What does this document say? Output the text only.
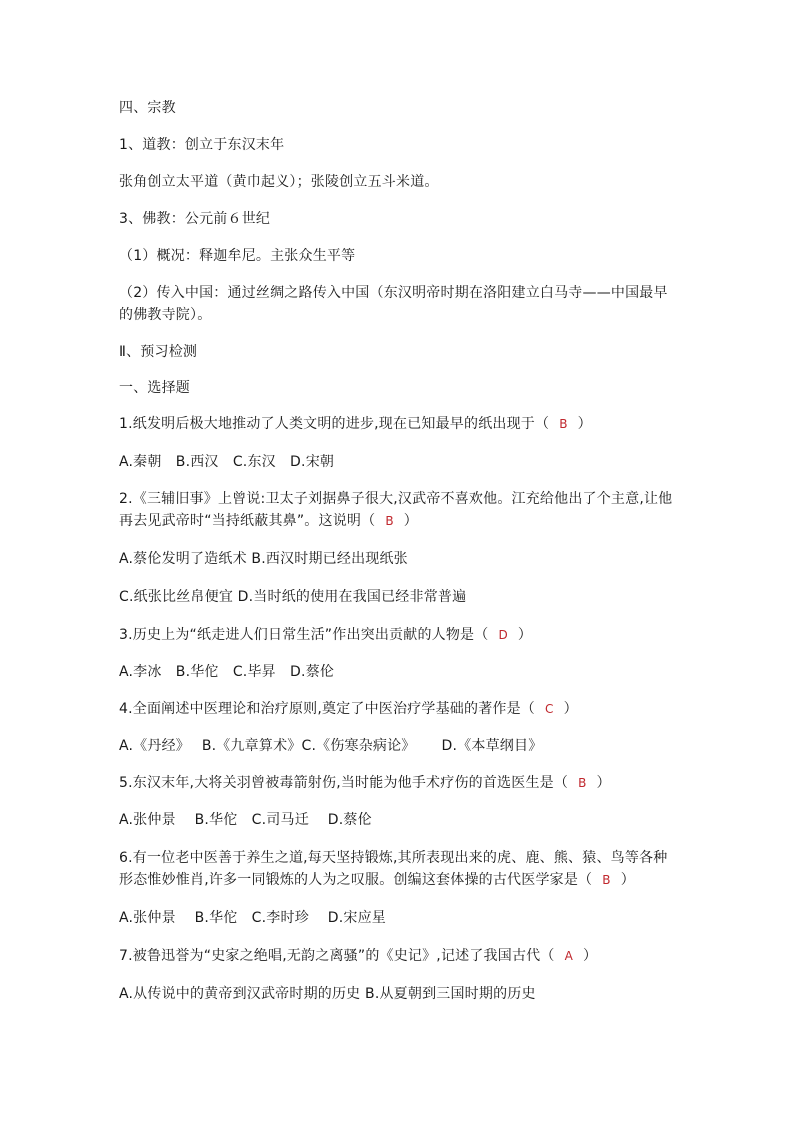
四、宗教
1、道教：创立于东汉末年
张角创立太平道（黄巾起义）；张陵创立五斗米道。
3、佛教：公元前６世纪
（1）概况：释迦牟尼。主张众生平等
（2）传入中国：通过丝绸之路传入中国（东汉明帝时期在洛阳建立白马寺——中国最早的佛教寺院）。
Ⅱ、预习检测
一、选择题
1.纸发明后极大地推动了人类文明的进步,现在已知最早的纸出现于（ B ）
A.秦朝　B.西汉　C.东汉　D.宋朝
2.《三辅旧事》上曾说:卫太子刘据鼻子很大,汉武帝不喜欢他。江充给他出了个主意,让他再去见武帝时“当持纸蔽其鼻”。这说明（ B ）
A.蔡伦发明了造纸术 B.西汉时期已经出现纸张
C.纸张比丝帛便宜 D.当时纸的使用在我国已经非常普遍
3.历史上为“纸走进人们日常生活”作出突出贡献的人物是（ D ）
A.李冰　B.华佗　C.毕昇　D.蔡伦
4.全面阐述中医理论和治疗原则,奠定了中医治疗学基础的著作是（ C ）
A.《丹经》　 B.《九章算术》C.《伤寒杂病论》　　 D.《本草纲目》
5.东汉末年,大将关羽曾被毒箭射伤,当时能为他手术疗伤的首选医生是（ B ）
A.张仲景　 B.华佗　C.司马迁　 D.蔡伦
6.有一位老中医善于养生之道,每天坚持锻炼,其所表现出来的虎、鹿、熊、猿、鸟等各种形态惟妙惟肖,许多一同锻炼的人为之叹服。创编这套体操的古代医学家是（ B ）
A.张仲景　 B.华佗　C.李时珍　 D.宋应星
7.被鲁迅誉为“史家之绝唱,无韵之离骚”的《史记》,记述了我国古代（ A ）
A.从传说中的黄帝到汉武帝时期的历史 B.从夏朝到三国时期的历史
